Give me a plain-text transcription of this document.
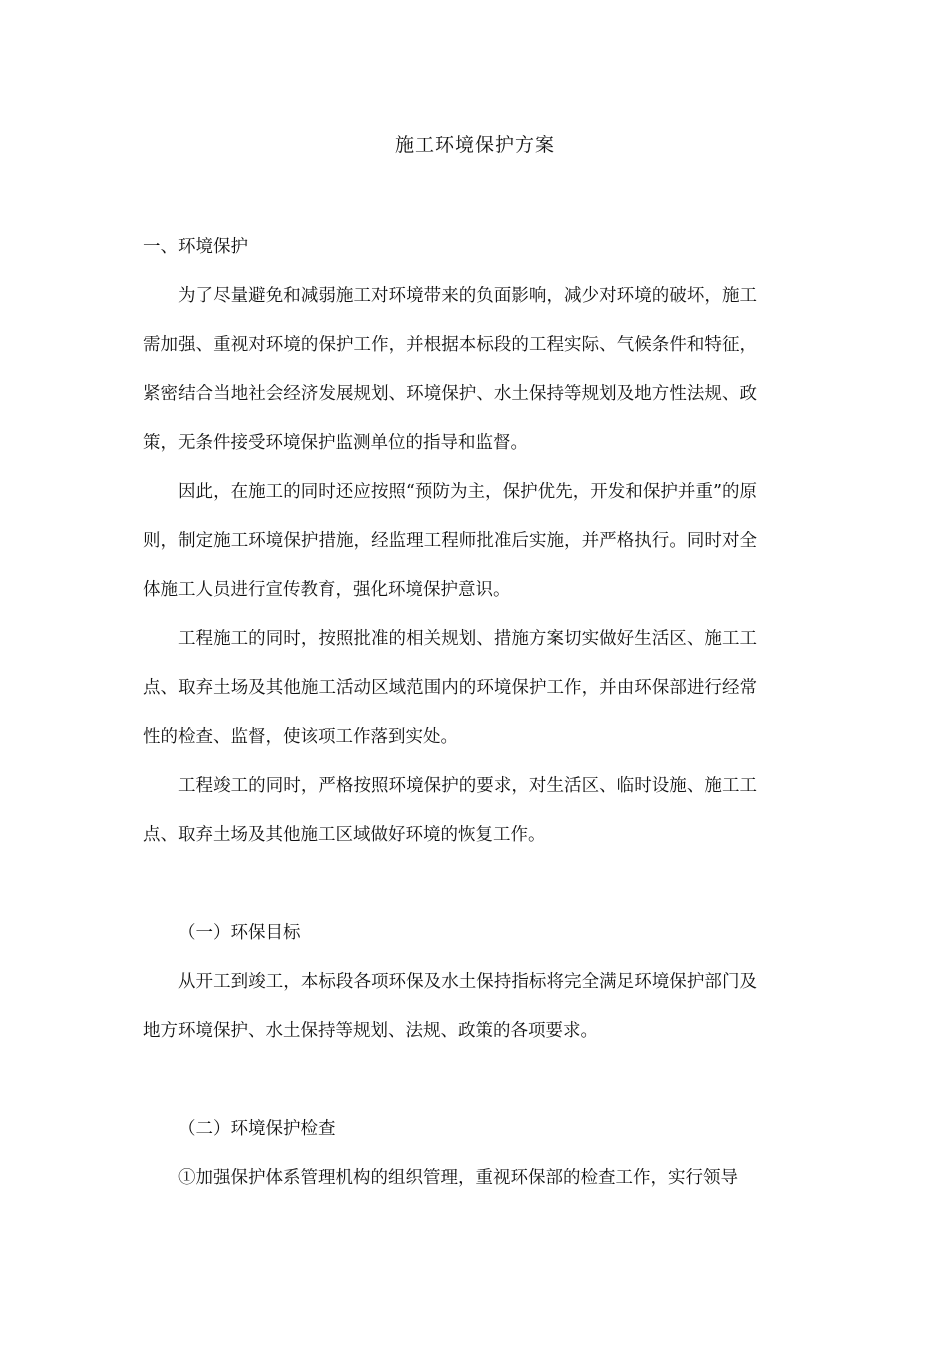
施工环境保护方案

一、环境保护

为了尽量避免和减弱施工对环境带来的负面影响，减少对环境的破坏，施工需加强、重视对环境的保护工作，并根据本标段的工程实际、气候条件和特征，紧密结合当地社会经济发展规划、环境保护、水土保持等规划及地方性法规、政策，无条件接受环境保护监测单位的指导和监督。

因此，在施工的同时还应按照“预防为主，保护优先，开发和保护并重”的原则，制定施工环境保护措施，经监理工程师批准后实施，并严格执行。同时对全体施工人员进行宣传教育，强化环境保护意识。

工程施工的同时，按照批准的相关规划、措施方案切实做好生活区、施工工点、取弃土场及其他施工活动区域范围内的环境保护工作，并由环保部进行经常性的检查、监督，使该项工作落到实处。

工程竣工的同时，严格按照环境保护的要求，对生活区、临时设施、施工工点、取弃土场及其他施工区域做好环境的恢复工作。

（一）环保目标

从开工到竣工，本标段各项环保及水土保持指标将完全满足环境保护部门及地方环境保护、水土保持等规划、法规、政策的各项要求。

（二）环境保护检查

①加强保护体系管理机构的组织管理，重视环保部的检查工作，实行领导
